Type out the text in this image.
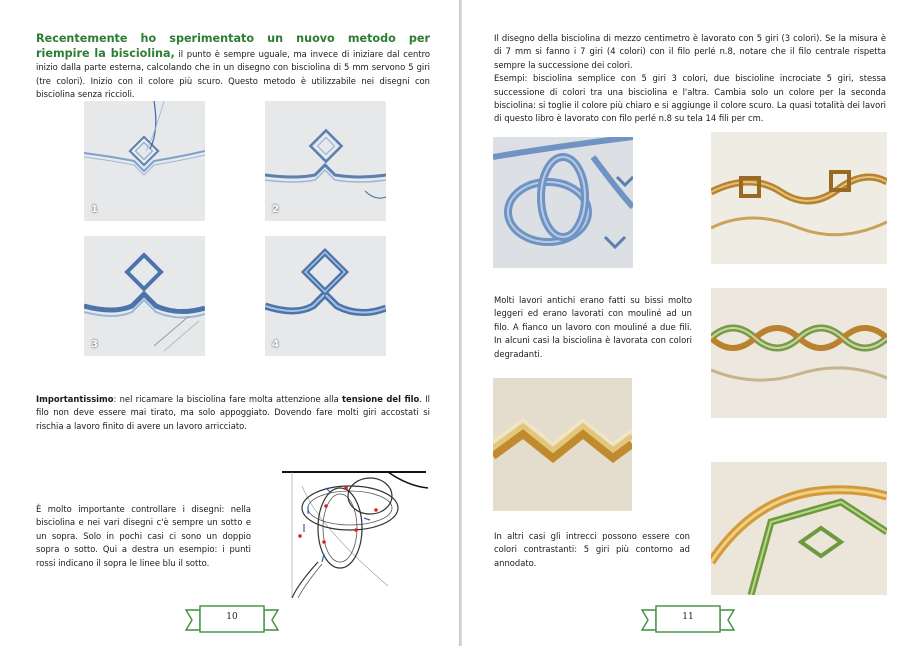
Recentemente ho sperimentato un nuovo metodo per riempire la bisciolina, il punto è sempre uguale, ma invece di iniziare dal centro inizio dalla parte esterna, calcolando che in un disegno con bisciolina di 5 mm servono 5 giri (tre colori). Inizio con il colore più scuro. Questo metodo è utilizzabile nei disegni con bisciolina senza riccioli.
1	2
3	4
Importantissimo: nel ricamare la bisciolina fare molta attenzione alla tensione del filo. Il filo non deve essere mai tirato, ma solo appoggiato. Dovendo fare molti giri accostati si rischia a lavoro finito di avere un lavoro arricciato.
È molto importante controllare i disegni: nella bisciolina e nei vari disegni c'è sempre un sotto e un sopra. Solo in pochi casi ci sono un doppio sopra o sotto. Qui a destra un esempio: i punti rossi indicano il sopra le linee blu il sotto.
10
Il disegno della bisciolina di mezzo centimetro è lavorato con 5 giri (3 colori). Se la misura è di 7 mm si fanno i 7 giri (4 colori) con il filo perlé n.8, notare che il filo centrale rispetta sempre la successione dei colori.
Esempi: bisciolina semplice con 5 giri 3 colori, due biscioline incrociate 5 giri, stessa successione di colori tra una bisciolina e l'altra. Cambia solo un colore per la seconda bisciolina: si toglie il colore più chiaro e si aggiunge il colore scuro. La quasi totalità dei lavori di questo libro è lavorato con filo perlé n.8 su tela 14 fili per cm.
Molti lavori antichi erano fatti su bissi molto leggeri ed erano lavorati con mouliné ad un filo. A fianco un lavoro con mouliné a due fili. In alcuni casi la bisciolina è lavorata con colori degradanti.
In altri casi gli intrecci possono essere con colori contrastanti: 5 giri più contorno ad annodato.
11
